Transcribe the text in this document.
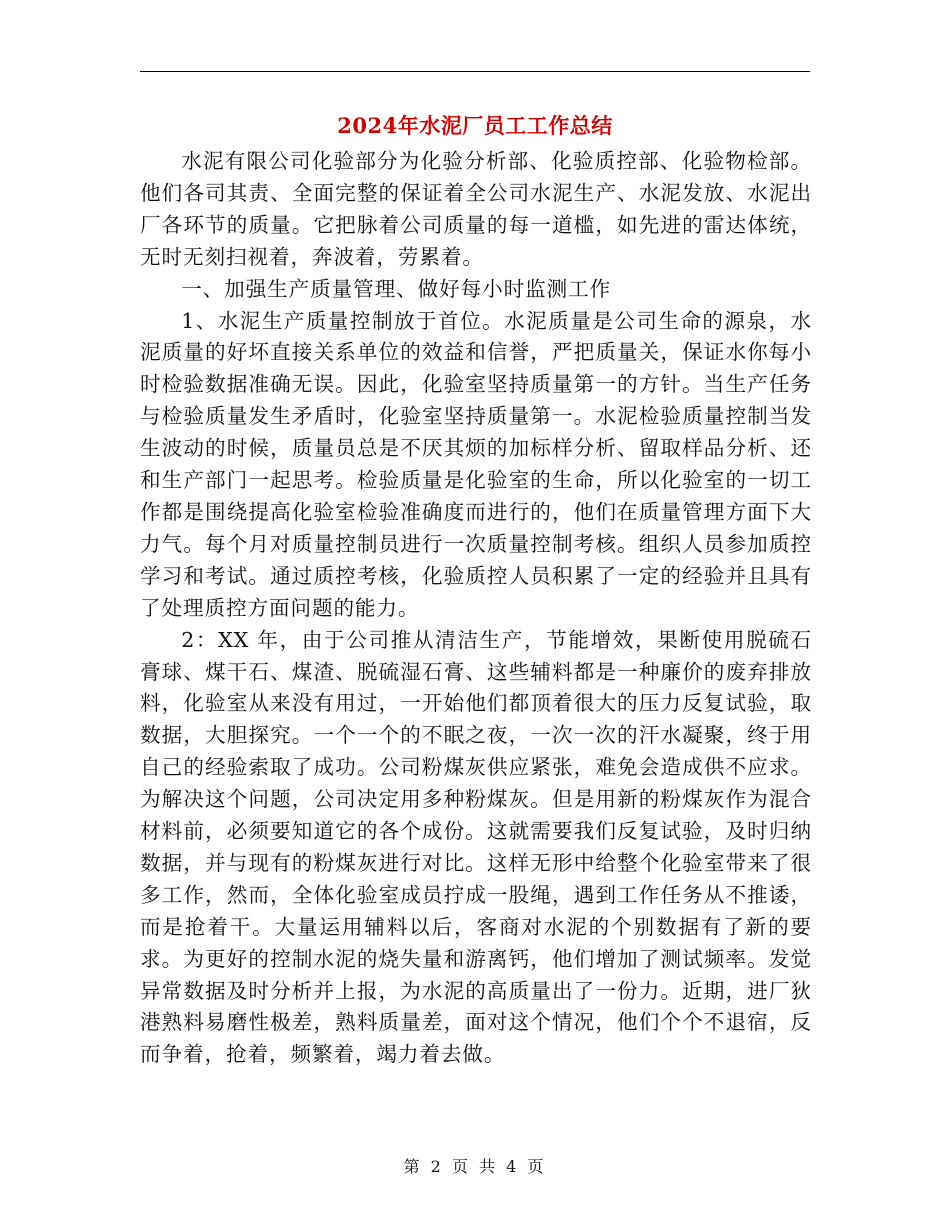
2024年水泥厂员工工作总结

水泥有限公司化验部分为化验分析部、化验质控部、化验物检部。他们各司其责、全面完整的保证着全公司水泥生产、水泥发放、水泥出厂各环节的质量。它把脉着公司质量的每一道槛，如先进的雷达体统，无时无刻扫视着，奔波着，劳累着。

一、加强生产质量管理、做好每小时监测工作

1、水泥生产质量控制放于首位。水泥质量是公司生命的源泉，水泥质量的好坏直接关系单位的效益和信誉，严把质量关，保证水你每小时检验数据准确无误。因此，化验室坚持质量第一的方针。当生产任务与检验质量发生矛盾时，化验室坚持质量第一。水泥检验质量控制当发生波动的时候，质量员总是不厌其烦的加标样分析、留取样品分析、还和生产部门一起思考。检验质量是化验室的生命，所以化验室的一切工作都是围绕提高化验室检验准确度而进行的，他们在质量管理方面下大力气。每个月对质量控制员进行一次质量控制考核。组织人员参加质控学习和考试。通过质控考核，化验质控人员积累了一定的经验并且具有了处理质控方面问题的能力。

2：XX 年，由于公司推从清洁生产，节能增效，果断使用脱硫石膏球、煤干石、煤渣、脱硫湿石膏、这些辅料都是一种廉价的废弃排放料，化验室从来没有用过，一开始他们都顶着很大的压力反复试验，取数据，大胆探究。一个一个的不眠之夜，一次一次的汗水凝聚，终于用自己的经验索取了成功。公司粉煤灰供应紧张，难免会造成供不应求。为解决这个问题，公司决定用多种粉煤灰。但是用新的粉煤灰作为混合材料前，必须要知道它的各个成份。这就需要我们反复试验，及时归纳数据，并与现有的粉煤灰进行对比。这样无形中给整个化验室带来了很多工作，然而，全体化验室成员拧成一股绳，遇到工作任务从不推诿，而是抢着干。大量运用辅料以后，客商对水泥的个别数据有了新的要求。为更好的控制水泥的烧失量和游离钙，他们增加了测试频率。发觉异常数据及时分析并上报，为水泥的高质量出了一份力。近期，进厂狄港熟料易磨性极差，熟料质量差，面对这个情况，他们个个不退宿，反而争着，抢着，频繁着，竭力着去做。

第 2 页 共 4 页
